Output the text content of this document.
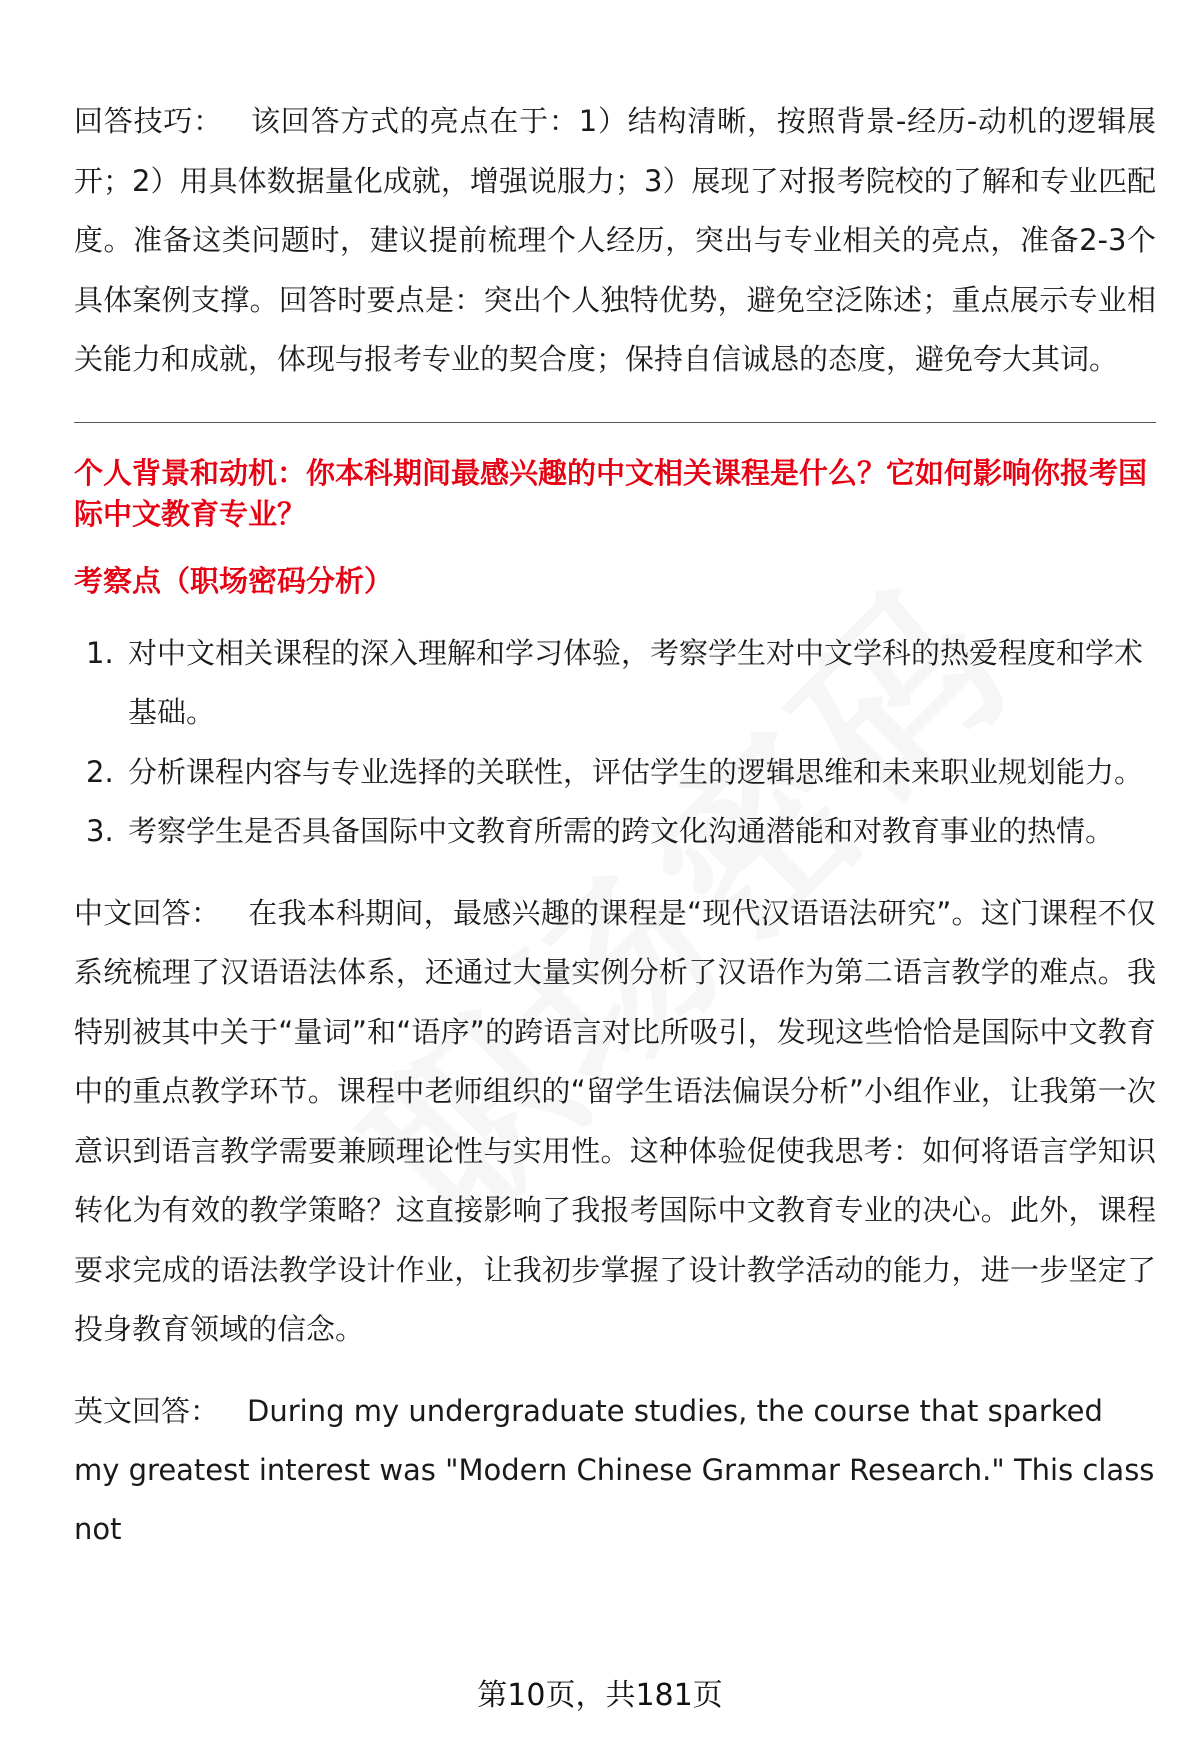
回答技巧： 该回答方式的亮点在于：1）结构清晰，按照背景-经历-动机的逻辑展开；2）用具体数据量化成就，增强说服力；3）展现了对报考院校的了解和专业匹配度。准备这类问题时，建议提前梳理个人经历，突出与专业相关的亮点，准备2-3个具体案例支撑。回答时要点是：突出个人独特优势，避免空泛陈述；重点展示专业相关能力和成就，体现与报考专业的契合度；保持自信诚恳的态度，避免夸大其词。

个人背景和动机：你本科期间最感兴趣的中文相关课程是什么？它如何影响你报考国际中文教育专业？

考察点（职场密码分析）

1. 对中文相关课程的深入理解和学习体验，考察学生对中文学科的热爱程度和学术基础。
2. 分析课程内容与专业选择的关联性，评估学生的逻辑思维和未来职业规划能力。
3. 考察学生是否具备国际中文教育所需的跨文化沟通潜能和对教育事业的热情。

中文回答： 在我本科期间，最感兴趣的课程是“现代汉语语法研究”。这门课程不仅系统梳理了汉语语法体系，还通过大量实例分析了汉语作为第二语言教学的难点。我特别被其中关于“量词”和“语序”的跨语言对比所吸引，发现这些恰恰是国际中文教育中的重点教学环节。课程中老师组织的“留学生语法偏误分析”小组作业，让我第一次意识到语言教学需要兼顾理论性与实用性。这种体验促使我思考：如何将语言学知识转化为有效的教学策略？这直接影响了我报考国际中文教育专业的决心。此外，课程要求完成的语法教学设计作业，让我初步掌握了设计教学活动的能力，进一步坚定了投身教育领域的信念。

英文回答： During my undergraduate studies, the course that sparked my greatest interest was "Modern Chinese Grammar Research." This class not

第10页，共181页
